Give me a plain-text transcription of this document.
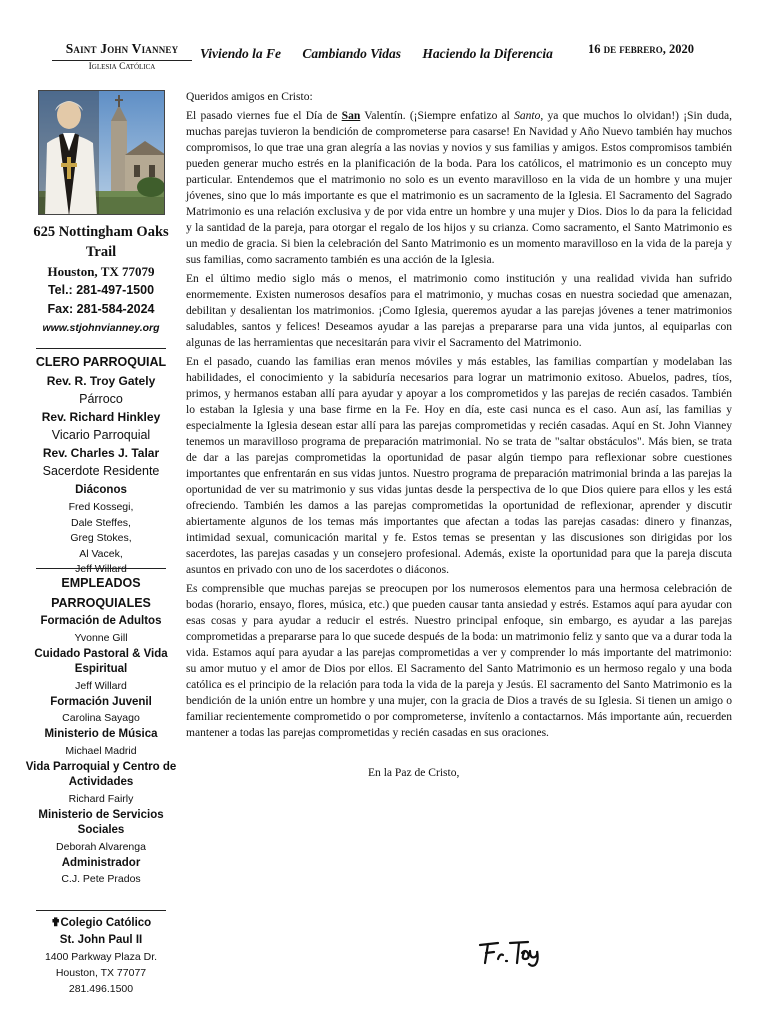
Saint John Vianney
Iglesia Católica
Viviendo la Fe Cambiando Vidas Haciendo la Diferencia	16 de febrero, 2020
625 Nottingham Oaks Trail
Houston, TX 77079
Tel.: 281-497-1500
Fax: 281-584-2024
www.stjohnvianney.org
CLERO PARROQUIAL
Rev. R. Troy Gately
Párroco
Rev. Richard Hinkley
Vicario Parroquial
Rev. Charles J. Talar
Sacerdote Residente
Diáconos
Fred Kossegi,
Dale Steffes,
Greg Stokes,
Al Vacek,
Jeff Willard
EMPLEADOS
PARROQUIALES
Formación de Adultos
Yvonne Gill
Cuidado Pastoral & Vida Espiritual
Jeff Willard
Formación Juvenil
Carolina Sayago
Ministerio de Música
Michael Madrid
Vida Parroquial y Centro de Actividades
Richard Fairly
Ministerio de Servicios Sociales
Deborah Alvarenga
Administrador
C.J. Pete Prados
✟Colegio Católico
St. John Paul II
1400 Parkway Plaza Dr.
Houston, TX 77077
281.496.1500
Queridos amigos en Cristo:

El pasado viernes fue el Día de San Valentín. (¡Siempre enfatizo al Santo, ya que muchos lo olvidan!) ¡Sin duda, muchas parejas tuvieron la bendición de comprometerse para casarse! En Navidad y Año Nuevo también hay muchos compromisos, lo que trae una gran alegría a las novias y novios y sus familias y amigos. Estos compromisos también pueden generar mucho estrés en la planificación de la boda. Para los católicos, el matrimonio es un concepto muy particular. Entendemos que el matrimonio no solo es un evento maravilloso en la vida de un hombre y una mujer jóvenes, sino que lo más importante es que el matrimonio es un sacramento de la Iglesia. El Sacramento del Sagrado Matrimonio es una relación exclusiva y de por vida entre un hombre y una mujer y Dios. Dios lo da para la felicidad y la santidad de la pareja, para otorgar el regalo de los hijos y su crianza. Como sacramento, el Santo Matrimonio es un medio de gracia. Si bien la celebración del Santo Matrimonio es un momento maravilloso en la vida de la pareja y sus familias, como sacramento también es una acción de la Iglesia.

En el último medio siglo más o menos, el matrimonio como institución y una realidad vivida han sufrido enormemente. Existen numerosos desafíos para el matrimonio, y muchas cosas en nuestra sociedad que amenazan, debilitan y desalientan los matrimonios. ¡Como Iglesia, queremos ayudar a las parejas jóvenes a tener matrimonios saludables, santos y felices! Deseamos ayudar a las parejas a prepararse para una vida juntos, al equiparlas con algunas de las herramientas que necesitarán para vivir el Sacramento del Matrimonio.

En el pasado, cuando las familias eran menos móviles y más estables, las familias compartían y modelaban las habilidades, el conocimiento y la sabiduría necesarios para lograr un matrimonio exitoso. Abuelos, padres, tíos, primos, y hermanos estaban allí para ayudar y apoyar a los comprometidos y las parejas de recién casados. También lo estaban la Iglesia y una base firme en la Fe. Hoy en día, este casi nunca es el caso. Aun así, las familias y especialmente la Iglesia desean estar allí para las parejas comprometidas y recién casadas. Aquí en St. John Vianney tenemos un maravilloso programa de preparación matrimonial. No se trata de "saltar obstáculos". Más bien, se trata de dar a las parejas comprometidas la oportunidad de pasar algún tiempo para reflexionar sobre cuestiones importantes que enfrentarán en sus vidas juntos. Nuestro programa de preparación matrimonial brinda a las parejas la oportunidad de ver su matrimonio y sus vidas juntas desde la perspectiva de lo que Dios quiere para ellos y les está ofreciendo. También les damos a las parejas comprometidas la oportunidad de reflexionar, aprender y discutir abiertamente algunos de los temas más importantes que afectan a todas las parejas casadas: dinero y finanzas, intimidad sexual, comunicación marital y fe. Estos temas se presentan y las discusiones son dirigidas por los sacerdotes, las parejas casadas y un consejero profesional. Además, existe la oportunidad para que la pareja discuta asuntos en privado con uno de los sacerdotes o diáconos.

Es comprensible que muchas parejas se preocupen por los numerosos elementos para una hermosa celebración de bodas (horario, ensayo, flores, música, etc.) que pueden causar tanta ansiedad y estrés. Estamos aquí para ayudar con esas cosas y para ayudar a reducir el estrés. Nuestro principal enfoque, sin embargo, es ayudar a las parejas comprometidas a prepararse para lo que sucede después de la boda: un matrimonio feliz y santo que va a durar toda la vida. Estamos aquí para ayudar a las parejas comprometidas a ver y comprender lo más importante del matrimonio: su amor mutuo y el amor de Dios por ellos. El Sacramento del Santo Matrimonio es un hermoso regalo y una boda católica es el principio de la relación para toda la vida de la pareja y Jesús. El sacramento del Santo Matrimonio es la bendición de la unión entre un hombre y una mujer, con la gracia de Dios a través de su Iglesia. Si tienen un amigo o familiar recientemente comprometido o por comprometerse, invítenlo a contactarnos. Más importante aún, recuerden mantener a todas las parejas comprometidas y recién casadas en sus oraciones.

En la Paz de Cristo,
